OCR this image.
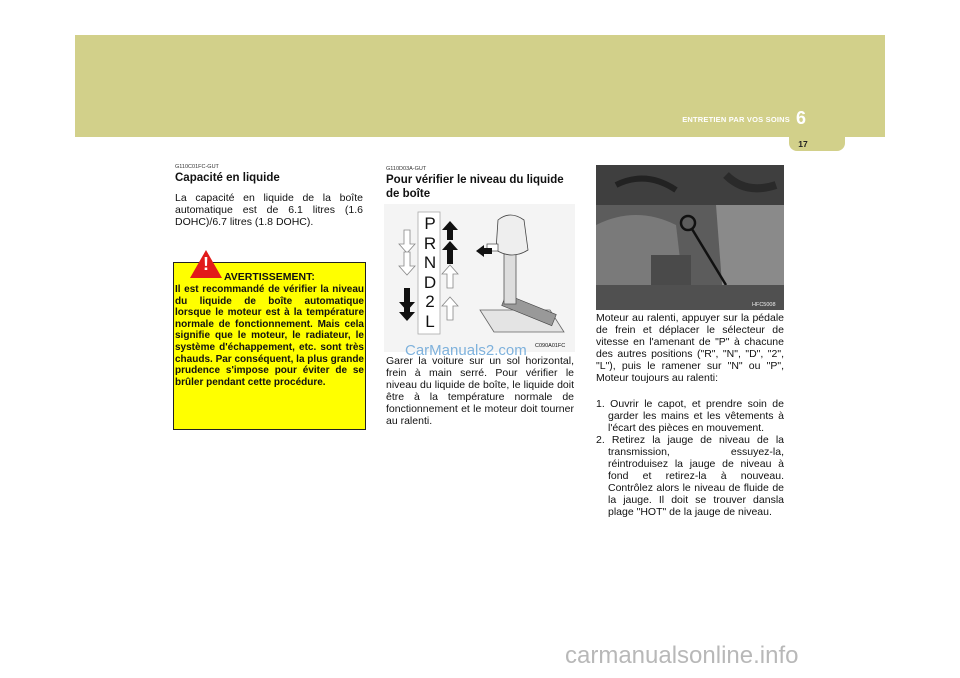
ENTRETIEN PAR VOS SOINS 6
17
G110C01FC-GUT
Capacité en liquide
La capacité en liquide de la boîte automatique est de 6.1 litres (1.6 DOHC)/6.7 litres (1.8 DOHC).
!
AVERTISSEMENT:
Il est recommandé de vérifier la niveau du liquide de boîte automatique lorsque le moteur est à la température normale de fonctionnement. Mais cela signifie que le moteur, le radiateur, le système d'échappement, etc. sont très chauds. Par conséquent, la plus grande prudence s'impose pour éviter de se brûler pendant cette procédure.
G110D03A-GUT
Pour vérifier le niveau du liquide
de boîte
P
R
N
D
2
L
C090A01FC
Garer la voiture sur un sol horizontal, frein à main serré. Pour vérifier le niveau du liquide de boîte, le liquide doit être à la température normale de fonctionnement et le moteur doit tourner au ralenti.
CarManuals2.com
HFC5008
Moteur au ralenti, appuyer sur la pédale de frein et déplacer le sélecteur de vitesse en l'amenant de "P" à chacune des autres positions ("R", "N", "D", "2", "L"), puis le ramener sur "N" ou "P", Moteur toujours au ralenti:
1. Ouvrir le capot, et prendre soin de garder les mains et les vêtements à l'écart des pièces en mouvement.
2. Retirez la jauge de niveau de la transmission, essuyez-la, réintroduisez la jauge de niveau à fond et retirez-la à nouveau. Contrôlez alors le niveau de fluide de la jauge. Il doit se trouver dansla plage "HOT" de la jauge de niveau.
carmanualsonline.info
